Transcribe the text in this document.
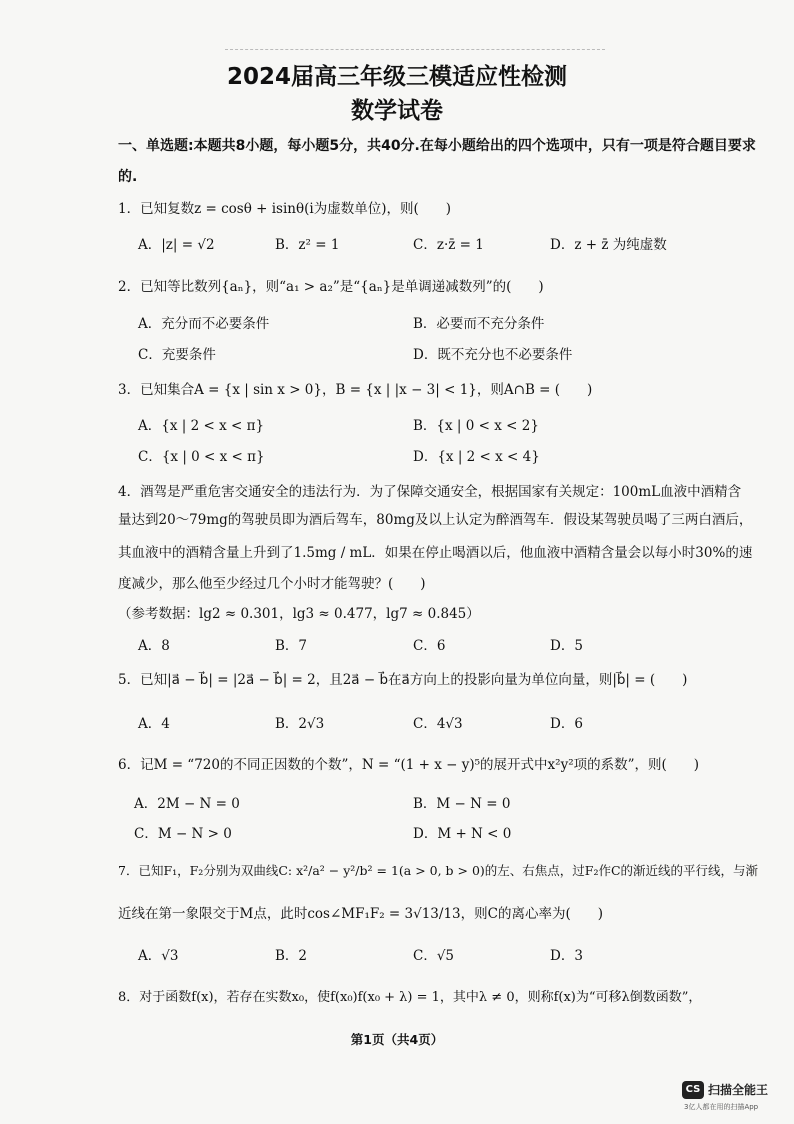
2024届高三年级三模适应性检测
数学试卷
一、单选题:本题共8小题，每小题5分，共40分.在每小题给出的四个选项中，只有一项是符合题目要求
的.
1．已知复数z = cosθ + isinθ(i为虚数单位)，则(　　)
A．|z| = √2	B．z² = 1	C．z·z̄ = 1	D．z + z̄ 为纯虚数
2．已知等比数列{aₙ}，则“a₁ > a₂”是“{aₙ}是单调递减数列”的(　　)
A．充分而不必要条件	B．必要而不充分条件
C．充要条件	D．既不充分也不必要条件
3．已知集合A = {x | sin x > 0}，B = {x | |x − 3| < 1}，则A∩B = (　　)
A．{x | 2 < x < π}	B．{x | 0 < x < 2}
C．{x | 0 < x < π}	D．{x | 2 < x < 4}
4．酒驾是严重危害交通安全的违法行为．为了保障交通安全，根据国家有关规定：100mL血液中酒精含
量达到20～79mg的驾驶员即为酒后驾车，80mg及以上认定为醉酒驾车．假设某驾驶员喝了三两白酒后，
其血液中的酒精含量上升到了1.5mg / mL．如果在停止喝酒以后，他血液中酒精含量会以每小时30%的速
度减少，那么他至少经过几个小时才能驾驶？(　　)
（参考数据：lg2 ≈ 0.301，lg3 ≈ 0.477，lg7 ≈ 0.845）
A．8	B．7	C．6	D．5
5．已知|a⃗ − b⃗| = |2a⃗ − b⃗| = 2，且2a⃗ − b⃗在a⃗方向上的投影向量为单位向量，则|b⃗| = (　　)
A．4	B．2√3	C．4√3	D．6
6．记M = “720的不同正因数的个数”，N = “(1 + x − y)⁵的展开式中x²y²项的系数”，则(　　)
A．2M − N = 0	B．M − N = 0
C．M − N > 0	D．M + N < 0
7．已知F₁，F₂分别为双曲线C: x²/a² − y²/b² = 1(a > 0, b > 0)的左、右焦点，过F₂作C的渐近线的平行线，与渐
近线在第一象限交于M点，此时cos∠MF₁F₂ = 3√13/13，则C的离心率为(　　)
A．√3	B．2	C．√5	D．3
8．对于函数f(x)，若存在实数x₀，使f(x₀)f(x₀ + λ) = 1，其中λ ≠ 0，则称f(x)为“可移λ倒数函数”，
第1页（共4页）
CS 扫描全能王
3亿人都在用的扫描App
